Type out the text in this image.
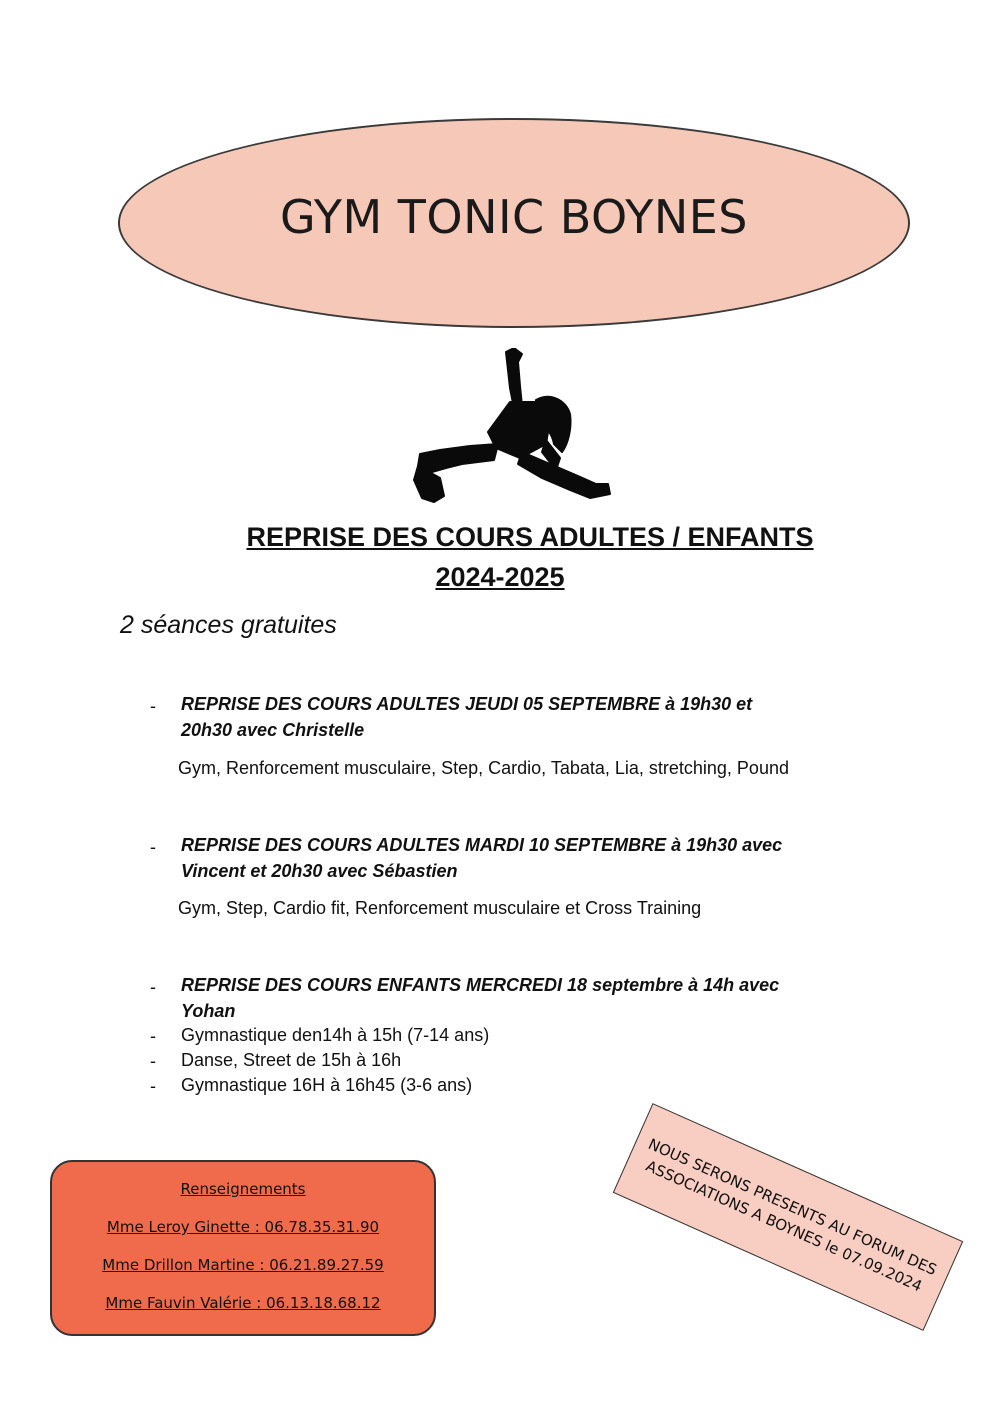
GYM TONIC BOYNES
REPRISE DES COURS ADULTES / ENFANTS
2024-2025
2 séances gratuites
- REPRISE DES COURS ADULTES JEUDI 05 SEPTEMBRE à 19h30 et
20h30 avec Christelle
Gym, Renforcement musculaire, Step, Cardio, Tabata, Lia, stretching, Pound
- REPRISE DES COURS ADULTES MARDI 10 SEPTEMBRE à 19h30 avec
Vincent et 20h30 avec Sébastien
Gym, Step, Cardio fit, Renforcement musculaire et Cross Training
- REPRISE DES COURS ENFANTS MERCREDI 18 septembre à 14h avec
Yohan
- Gymnastique den14h à 15h (7-14 ans)
- Danse, Street de 15h à 16h
- Gymnastique 16H à 16h45 (3-6 ans)
Renseignements
Mme Leroy Ginette : 06.78.35.31.90
Mme Drillon Martine : 06.21.89.27.59
Mme Fauvin Valérie : 06.13.18.68.12
NOUS SERONS PRESENTS AU FORUM DES ASSOCIATIONS A BOYNES le 07.09.2024
